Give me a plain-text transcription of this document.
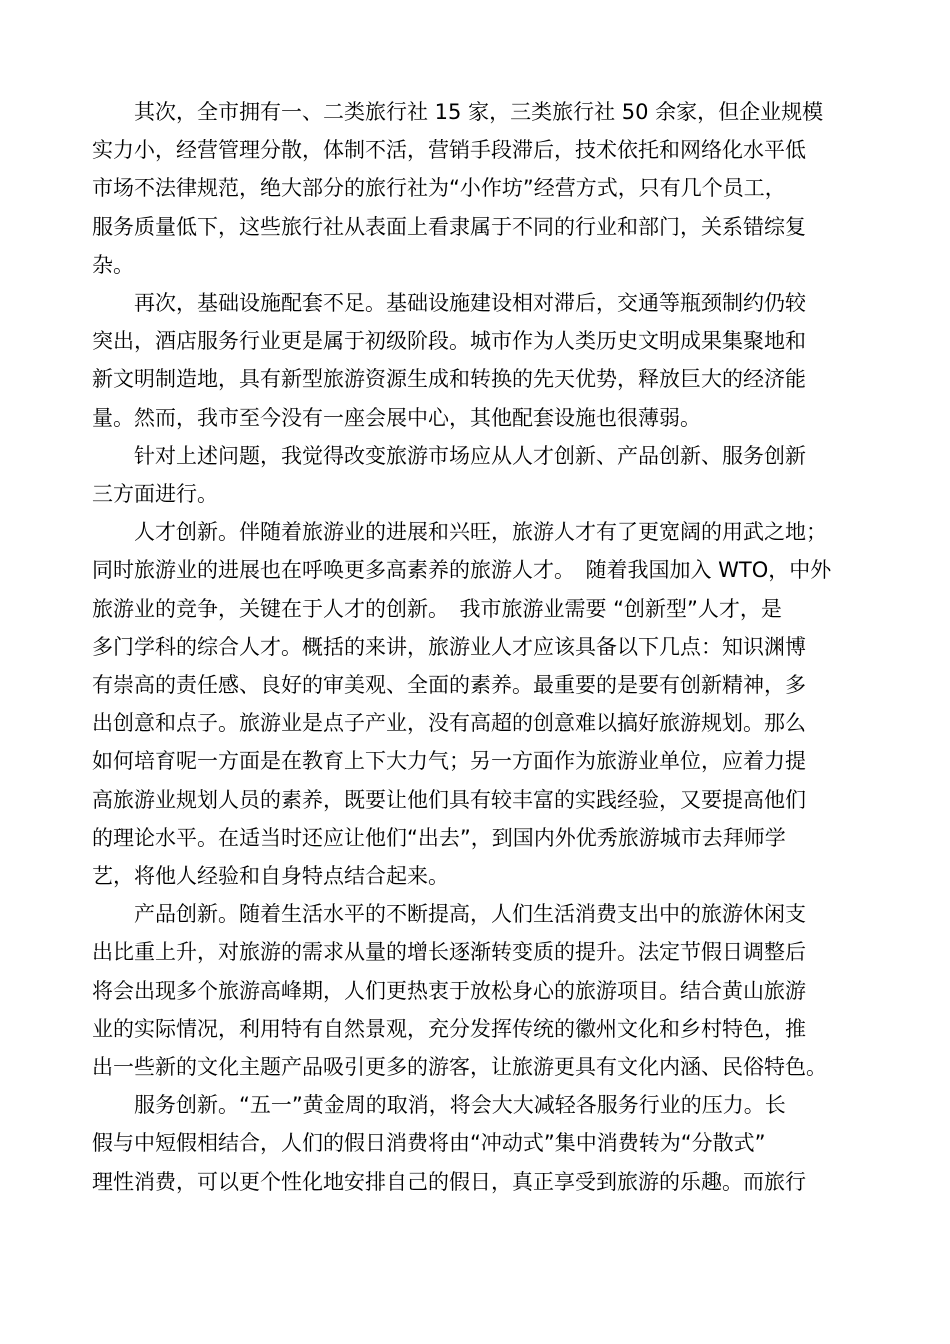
　　其次，全市拥有一、二类旅行社 15 家，三类旅行社 50 余家，但企业规模
实力小，经营管理分散，体制不活，营销手段滞后，技术依托和网络化水平低
市场不法律规范，绝大部分的旅行社为“小作坊”经营方式，只有几个员工，
服务质量低下，这些旅行社从表面上看隶属于不同的行业和部门，关系错综复
杂。

　　再次，基础设施配套不足。基础设施建设相对滞后，交通等瓶颈制约仍较
突出，酒店服务行业更是属于初级阶段。城市作为人类历史文明成果集聚地和
新文明制造地，具有新型旅游资源生成和转换的先天优势，释放巨大的经济能
量。然而，我市至今没有一座会展中心，其他配套设施也很薄弱。

　　针对上述问题，我觉得改变旅游市场应从人才创新、产品创新、服务创新
三方面进行。

　　人才创新。伴随着旅游业的进展和兴旺，旅游人才有了更宽阔的用武之地；
同时旅游业的进展也在呼唤更多高素养的旅游人才。　随着我国加入 WTO，中外
旅游业的竞争，关键在于人才的创新。　我市旅游业需要 “创新型”人才，是
多门学科的综合人才。概括的来讲，旅游业人才应该具备以下几点：知识渊博
有崇高的责任感、良好的审美观、全面的素养。最重要的是要有创新精神，多
出创意和点子。旅游业是点子产业，没有高超的创意难以搞好旅游规划。那么
如何培育呢一方面是在教育上下大力气；另一方面作为旅游业单位，应着力提
高旅游业规划人员的素养，既要让他们具有较丰富的实践经验，又要提高他们
的理论水平。在适当时还应让他们“出去”，到国内外优秀旅游城市去拜师学
艺，将他人经验和自身特点结合起来。

　　产品创新。随着生活水平的不断提高，人们生活消费支出中的旅游休闲支
出比重上升，对旅游的需求从量的增长逐渐转变质的提升。法定节假日调整后
将会出现多个旅游高峰期，人们更热衷于放松身心的旅游项目。结合黄山旅游
业的实际情况，利用特有自然景观，充分发挥传统的徽州文化和乡村特色，推
出一些新的文化主题产品吸引更多的游客，让旅游更具有文化内涵、民俗特色。

　　服务创新。“五一”黄金周的取消，将会大大减轻各服务行业的压力。长
假与中短假相结合，人们的假日消费将由“冲动式”集中消费转为“分散式”
理性消费，可以更个性化地安排自己的假日，真正享受到旅游的乐趣。而旅行
